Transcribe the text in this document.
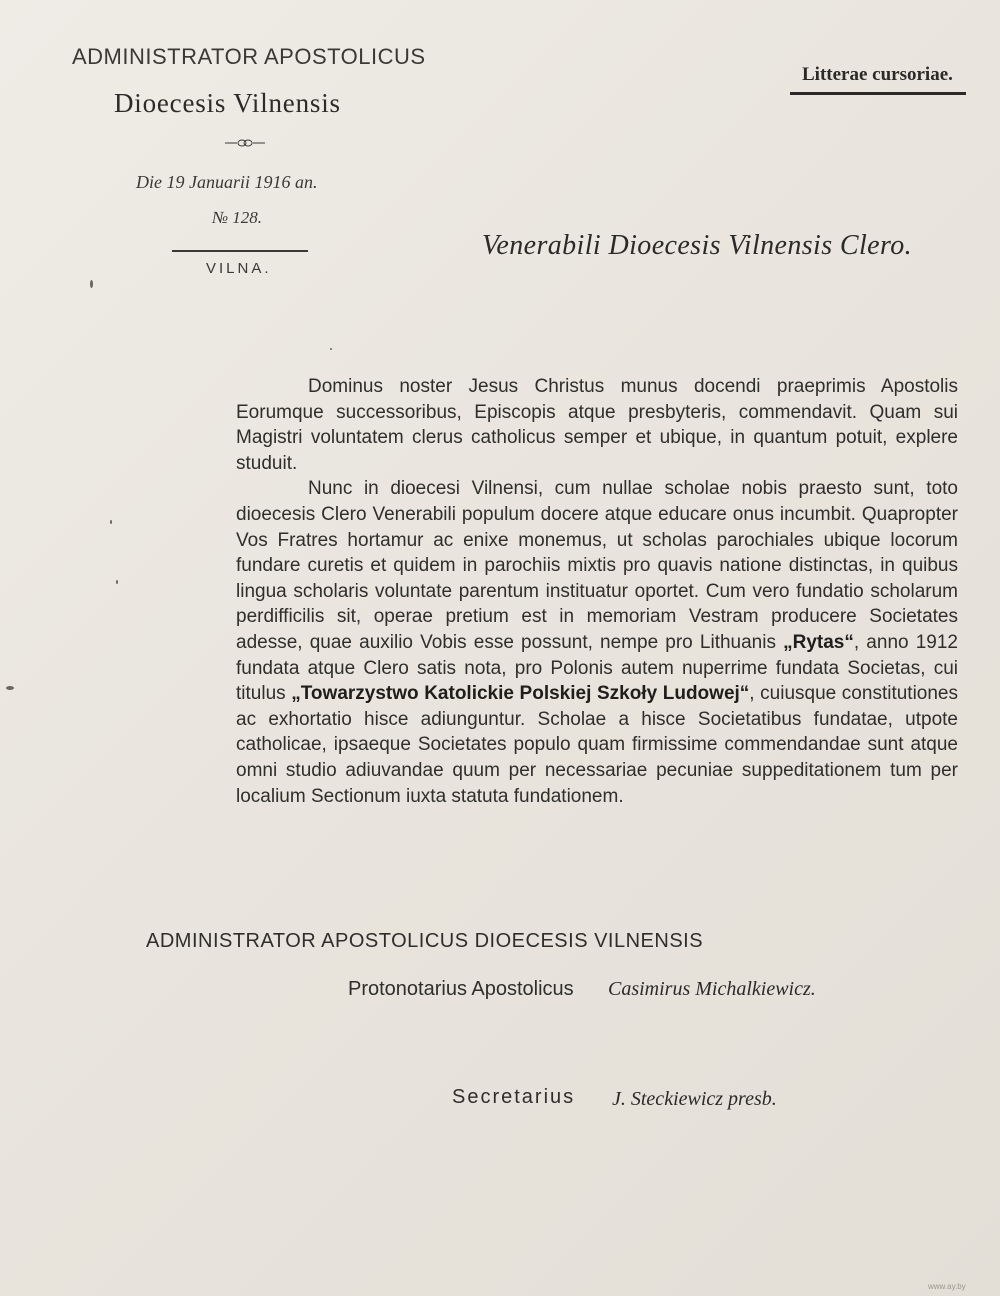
ADMINISTRATOR APOSTOLICUS
Dioecesis Vilnensis
Die 19 Januarii 1916 an.
№ 128.
VILNA.
Litterae cursoriae.
Venerabili Dioecesis Vilnensis Clero.

Dominus noster Jesus Christus munus docendi praeprimis Apostolis Eorumque successoribus, Episcopis atque presbyteris, commendavit. Quam sui Magistri voluntatem clerus catholicus semper et ubique, in quantum potuit, explere studuit.

Nunc in dioecesi Vilnensi, cum nullae scholae nobis praesto sunt, toto dioecesis Clero Venerabili populum docere atque educare onus incumbit. Quapropter Vos Fratres hortamur ac enixe monemus, ut scholas parochiales ubique locorum fundare curetis et quidem in parochiis mixtis pro quavis natione distinctas, in quibus lingua scholaris voluntate parentum instituatur oportet. Cum vero fundatio scholarum perdifficilis sit, operae pretium est in memoriam Vestram producere Societates adesse, quae auxilio Vobis esse possunt, nempe pro Lithuanis „Rytas“, anno 1912 fundata atque Clero satis nota, pro Polonis autem nuperrime fundata Societas, cui titulus „Towarzystwo Katolickie Polskiej Szkoły Ludowej“, cuiusque constitutiones ac exhortatio hisce adiunguntur. Scholae a hisce Societatibus fundatae, utpote catholicae, ipsaeque Societates populo quam firmissime commendandae sunt atque omni studio adiuvandae quum per necessariae pecuniae suppeditationem tum per localium Sectionum iuxta statuta fundationem.

ADMINISTRATOR APOSTOLICUS DIOECESIS VILNENSIS
Protonotarius Apostolicus Casimirus Michalkiewicz.
Secretarius J. Steckiewicz presb.
www.ay.by
